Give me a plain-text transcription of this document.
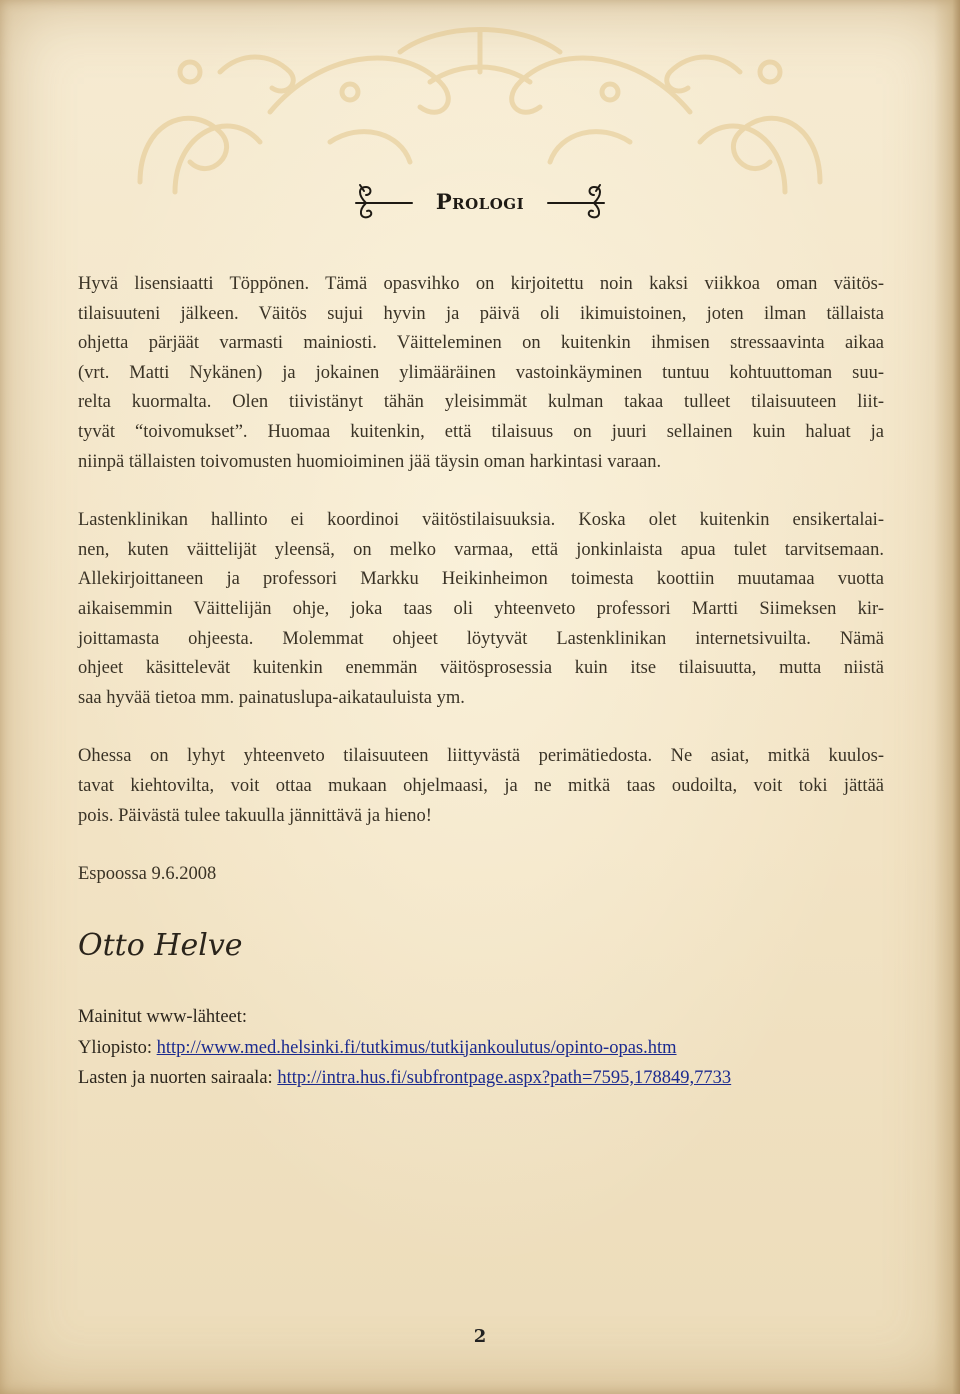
Prologi

Hyvä lisensiaatti Töppönen. Tämä opasvihko on kirjoitettu noin kaksi viikkoa oman väitös-
tilaisuuteni jälkeen. Väitös sujui hyvin ja päivä oli ikimuistoinen, joten ilman tällaista
ohjetta pärjäät varmasti mainiosti. Väitteleminen on kuitenkin ihmisen stressaavinta aikaa
(vrt. Matti Nykänen) ja jokainen ylimääräinen vastoinkäyminen tuntuu kohtuuttoman suu-
relta kuormalta. Olen tiivistänyt tähän yleisimmät kulman takaa tulleet tilaisuuteen liit-
tyvät “toivomukset”. Huomaa kuitenkin, että tilaisuus on juuri sellainen kuin haluat ja
niinpä tällaisten toivomusten huomioiminen jää täysin oman harkintasi varaan.

Lastenklinikan hallinto ei koordinoi väitöstilaisuuksia. Koska olet kuitenkin ensikertalai-
nen, kuten väittelijät yleensä, on melko varmaa, että jonkinlaista apua tulet tarvitsemaan.
Allekirjoittaneen ja professori Markku Heikinheimon toimesta koottiin muutamaa vuotta
aikaisemmin Väittelijän ohje, joka taas oli yhteenveto professori Martti Siimeksen kir-
joittamasta ohjeesta. Molemmat ohjeet löytyvät Lastenklinikan internetsivuilta. Nämä
ohjeet käsittelevät kuitenkin enemmän väitösprosessia kuin itse tilaisuutta, mutta niistä
saa hyvää tietoa mm. painatuslupa-aikatauluista ym.

Ohessa on lyhyt yhteenveto tilaisuuteen liittyvästä perimätiedosta. Ne asiat, mitkä kuulos-
tavat kiehtovilta, voit ottaa mukaan ohjelmaasi, ja ne mitkä taas oudoilta, voit toki jättää
pois. Päivästä tulee takuulla jännittävä ja hieno!

Espoossa 9.6.2008

Otto Helve
Mainitut www-lähteet:
Yliopisto: http://www.med.helsinki.fi/tutkimus/tutkijankoulutus/opinto-opas.htm
Lasten ja nuorten sairaala: http://intra.hus.fi/subfrontpage.aspx?path=7595,178849,7733
2
